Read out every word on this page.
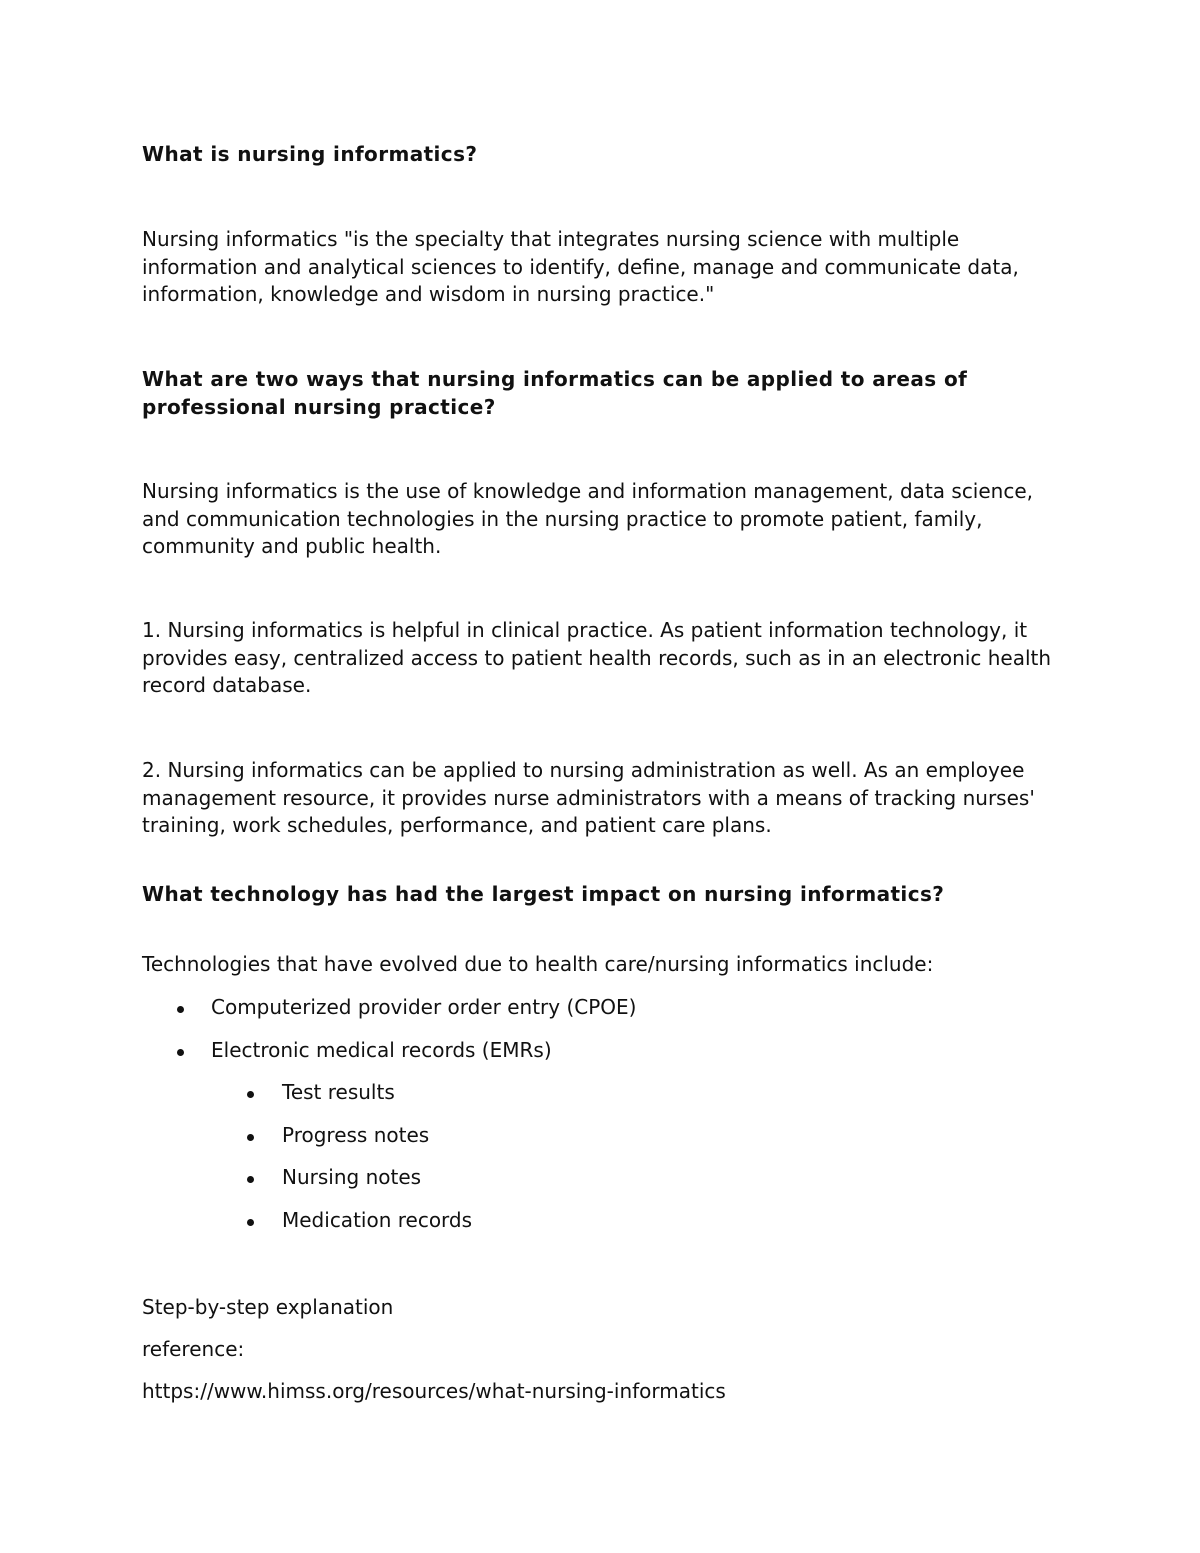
What is nursing informatics?

Nursing informatics "is the specialty that integrates nursing science with multiple information and analytical sciences to identify, define, manage and communicate data, information, knowledge and wisdom in nursing practice."

What are two ways that nursing informatics can be applied to areas of professional nursing practice?

Nursing informatics is the use of knowledge and information management, data science, and communication technologies in the nursing practice to promote patient, family, community and public health.

1. Nursing informatics is helpful in clinical practice. As patient information technology, it provides easy, centralized access to patient health records, such as in an electronic health record database.

2. Nursing informatics can be applied to nursing administration as well. As an employee management resource, it provides nurse administrators with a means of tracking nurses' training, work schedules, performance, and patient care plans.

What technology has had the largest impact on nursing informatics?

Technologies that have evolved due to health care/nursing informatics include:

Computerized provider order entry (CPOE)
Electronic medical records (EMRs)
Test results
Progress notes
Nursing notes
Medication records

Step-by-step explanation

reference:

https://www.himss.org/resources/what-nursing-informatics
